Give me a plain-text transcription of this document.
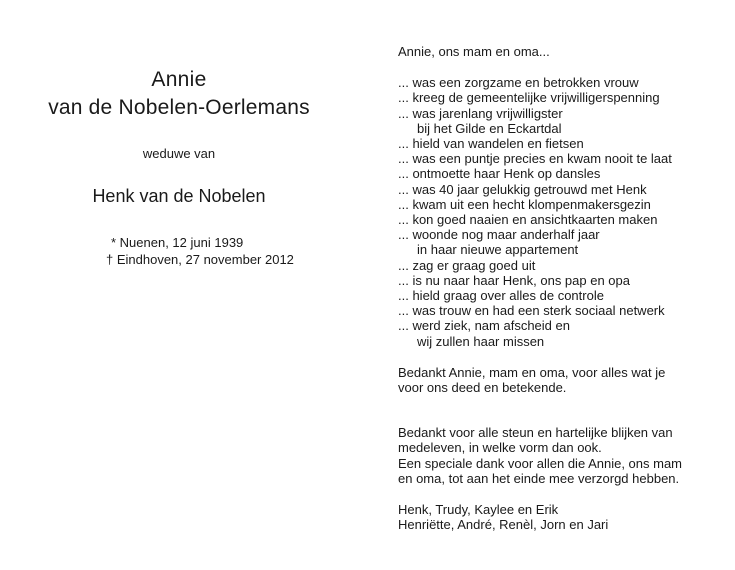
Annie
van de Nobelen-Oerlemans
weduwe van
Henk van de Nobelen
* Nuenen, 12 juni 1939
† Eindhoven, 27 november 2012
Annie, ons mam en oma...
... was een zorgzame en betrokken vrouw
... kreeg de gemeentelijke vrijwilligerspenning
... was jarenlang vrijwilligster
bij het Gilde en Eckartdal
... hield van wandelen en fietsen
... was een puntje precies en kwam nooit te laat
... ontmoette haar Henk op dansles
... was 40 jaar gelukkig getrouwd met Henk
... kwam uit een hecht klompenmakersgezin
... kon goed naaien en ansichtkaarten maken
... woonde nog maar anderhalf jaar
in haar nieuwe appartement
... zag er graag goed uit
... is nu naar haar Henk, ons pap en opa
... hield graag over alles de controle
... was trouw en had een sterk sociaal netwerk
... werd ziek, nam afscheid en
wij zullen haar missen
Bedankt Annie, mam en oma, voor alles wat je
voor ons deed en betekende.
Bedankt voor alle steun en hartelijke blijken van
medeleven, in welke vorm dan ook.
Een speciale dank voor allen die Annie, ons mam
en oma, tot aan het einde mee verzorgd hebben.
Henk, Trudy, Kaylee en Erik
Henriëtte, André, Renèl, Jorn en Jari
